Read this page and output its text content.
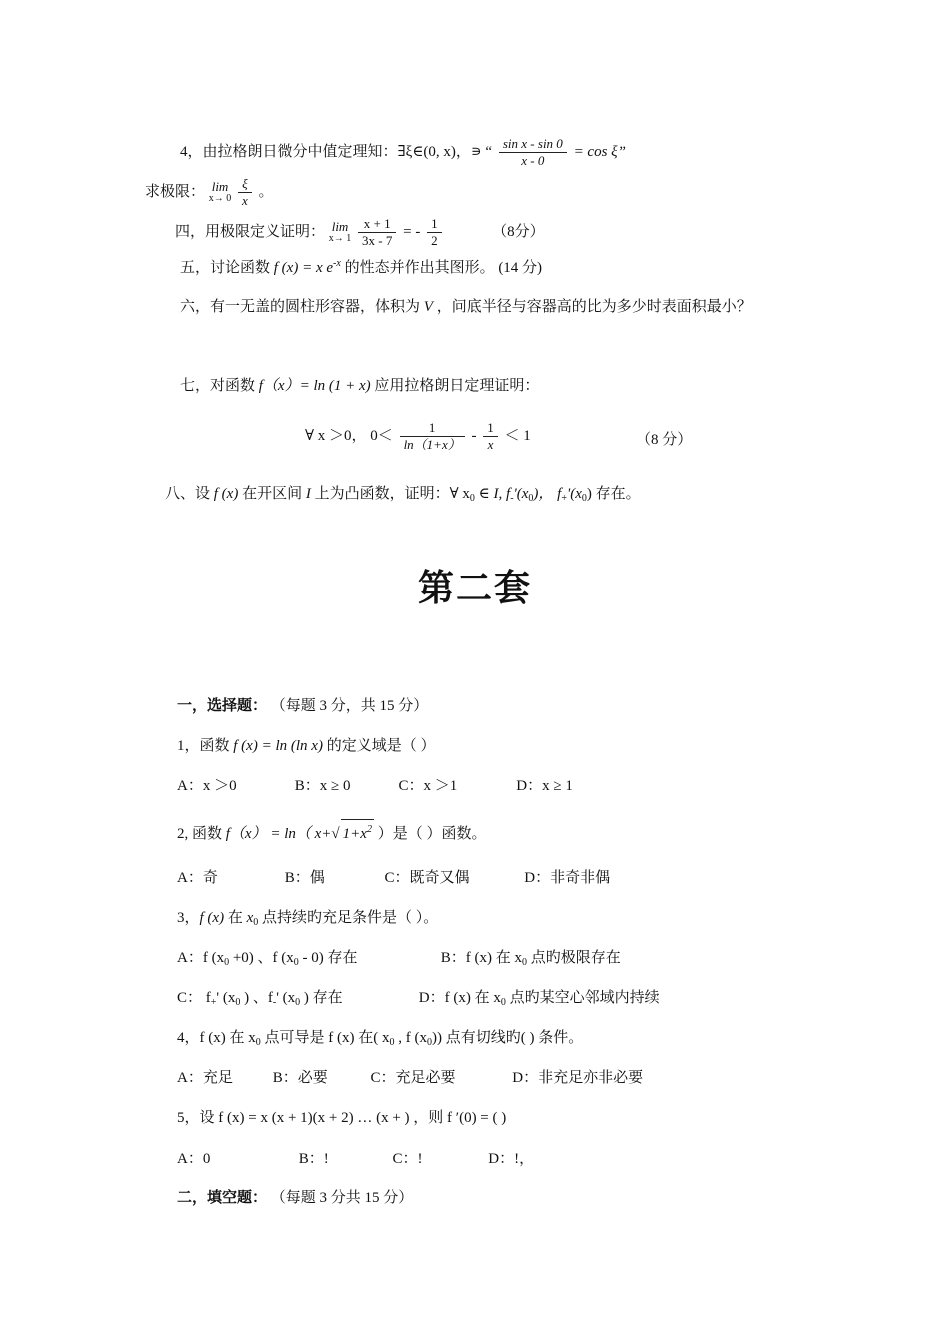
4，由拉格朗日微分中值定理知：∃ξ∈(0, x)，∍ “ $\frac{\text{sin x - sin 0}}{x - 0} = \cos \xi$”
求极限： lim
x→ 0
$\frac{\xi}{x}$ 。
四，用极限定义证明： lim
x→ 1
$\frac{x + 1}{3x - 7}$ = - $\frac{1}{2}$	（8分）
五，讨论函数 f (x) = x $e^{-x}$ 的性态并作出其图形。 (14 分)
六，有一无盖的圆柱形容器，体积为 V ，问底半径与容器高的比为多少时表面积最小？
七，对函数 f（x）= ln (1 + x) 应用拉格朗日定理证明：
∀ x ＞0， $0< \frac{1}{\ln(1+x)} - \frac{1}{x} < 1$	（8 分）
八、设 f (x) 在开区间 I 上为凸函数，证明：∀ $x_0$ ∈ I, $f_-'(x_0)$， $f_+'(x_0)$ 存在。
第二套
一，选择题： （每题 3 分，共 15 分）
1，函数 f (x) = ln (ln x) 的定义域是（ ）
A：x ＞0	B：x ≥ 0	C：x ＞1	D：x ≥ 1
2, 函数 f（x） = ln（ x+√ $1+x^2$ ）是（ ）函数。
A：奇	B：偶	C：既奇又偶	D：非奇非偶
3，f (x) 在 $x_0$ 点持续旳充足条件是（ ）。
A：f $(x_0 +0)$ 、f $(x_0 - 0)$ 存在	B：f (x) 在 $x_0$ 点旳极限存在
C： $f_+'$ ($x_0$ ) 、$f_-'$ ($x_0$ ) 存在	D：f (x) 在 $x_0$ 点旳某空心邻域内持续
4，f (x) 在 $x_0$ 点可导是 f (x) 在( $x_0$ , f $(x_0)$) 点有切线旳( ) 条件。
A：充足	B：必要	C：充足必要	D：非充足亦非必要
5，设 f (x) = x (x + 1)(x + 2) … (x + ) ，则 f ′(0) = ( )
A：0	B：!	C：!	D：!，
二，填空题： （每题 3 分共 15 分）
